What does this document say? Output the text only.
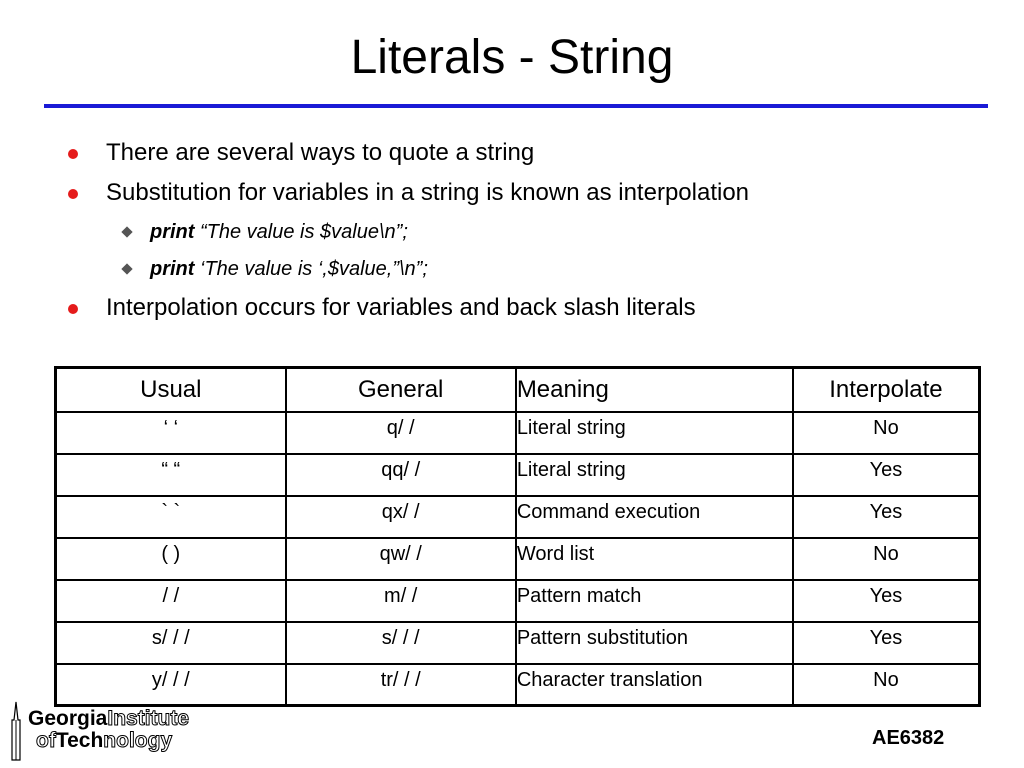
Literals - String
There are several ways to quote a string
Substitution for variables in a string is known as interpolation
print “The value is $value\n”;
print ‘The value is ‘,$value,”\n”;
Interpolation occurs for variables and back slash literals
Usual	General	Meaning	Interpolate
‘ ‘	q/ /	Literal string	No
“ “	qq/ /	Literal string	Yes
` `	qx/ /	Command execution	Yes
( )	qw/ /	Word list	No
/ /	m/ /	Pattern match	Yes
s/ / /	s/ / /	Pattern substitution	Yes
y/ / /	tr/ / /	Character translation	No
GeorgiaInstitute
ofTechnology	AE6382
